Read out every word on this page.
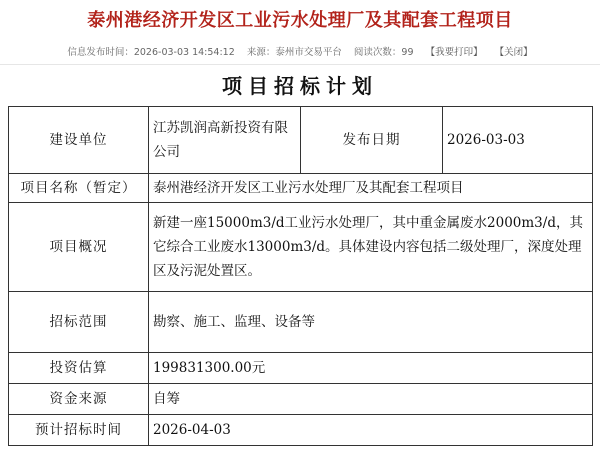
泰州港经济开发区工业污水处理厂及其配套工程项目
信息发布时间：2026-03-03 14:54:12 来源：泰州市交易平台 阅读次数：99 【我要打印】 【关闭】
项目招标计划
建设单位	江苏凯润高新投资有限公司	发布日期	2026-03-03
项目名称（暂定）	泰州港经济开发区工业污水处理厂及其配套工程项目		
项目概况	新建一座15000m3/d工业污水处理厂，其中重金属废水2000m3/d，其它综合工业废水13000m3/d。具体建设内容包括二级处理厂，深度处理区及污泥处置区。		
招标范围	勘察、施工、监理、设备等		
投资估算	199831300.00元		
资金来源	自筹		
预计招标时间	2026-04-03		
